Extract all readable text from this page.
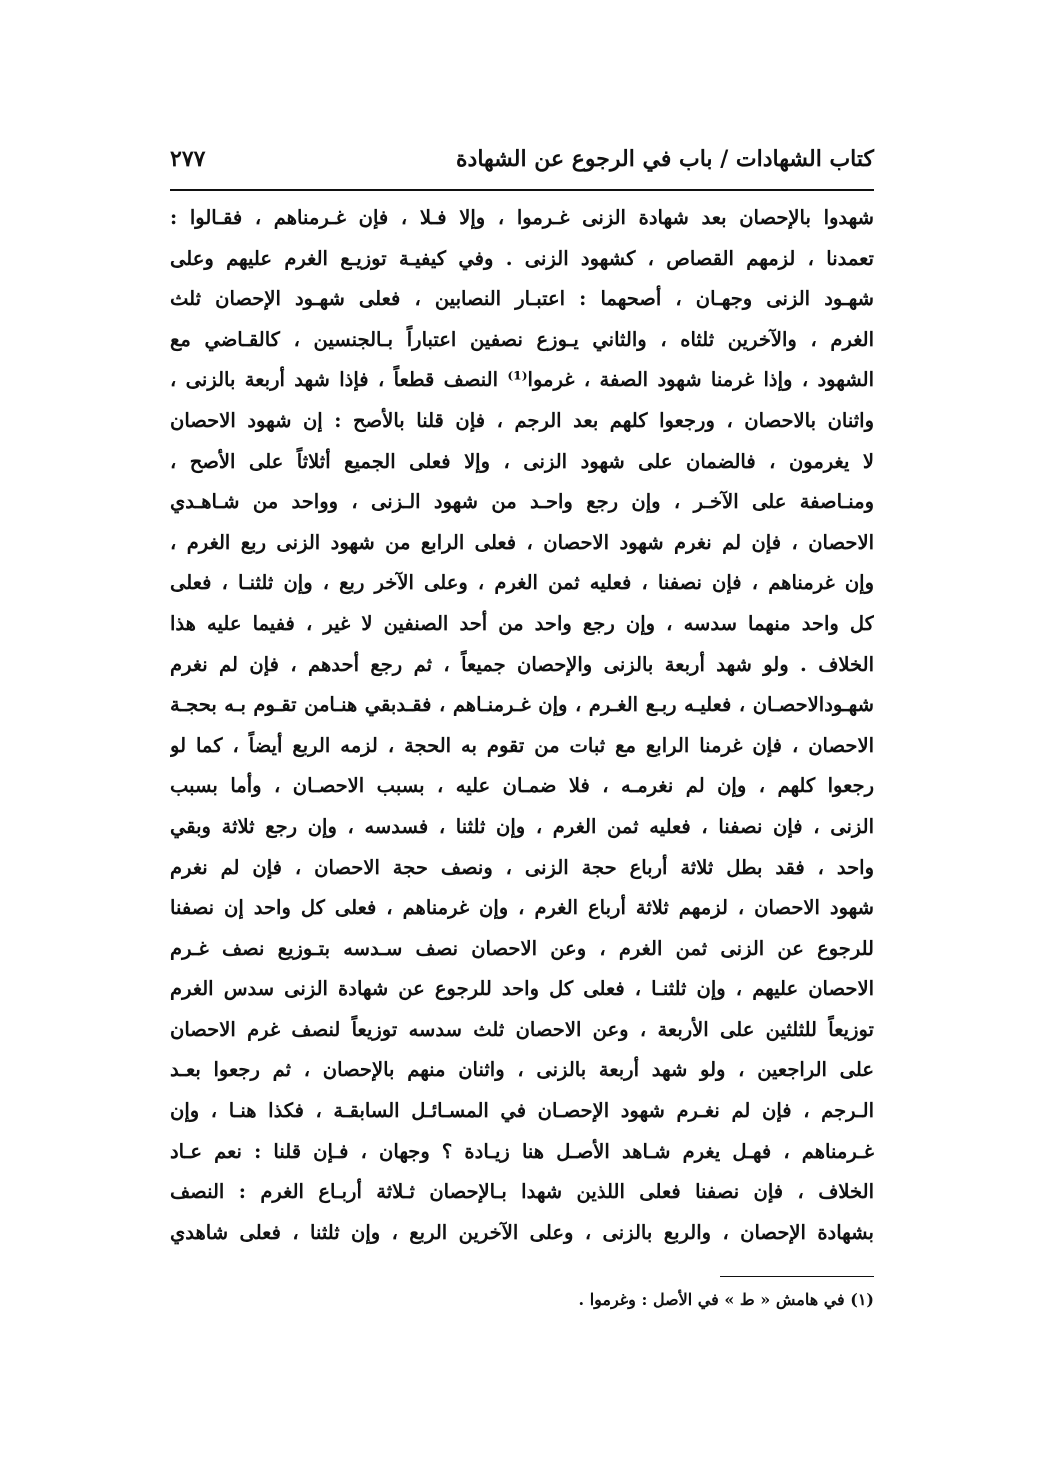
كتاب الشهادات / باب في الرجوع عن الشهادة
٢٧٧
شهدوا بالإحصان بعد شهادة الزنى غـرموا ، وإلا فـلا ، فإن غـرمناهم ، فقـالوا :
تعمدنا ، لزمهم القصاص ، كشهود الزنى . وفي كيفيـة توزيـع الغرم عليهم وعلى
شهـود الزنى وجهـان ، أصحهما : اعتبـار النصابين ، فعلى شهـود الإحصان ثلث
الغرم ، والآخرين ثلثاه ، والثاني يـوزع نصفين اعتباراً بـالجنسين ، كالقـاضي مع
الشهود ، وإذا غرمنا شهود الصفة ، غرموا⁽¹⁾ النصف قطعاً ، فإذا شهد أربعة بالزنى ،
واثنان بالاحصان ، ورجعوا كلهم بعد الرجم ، فإن قلنا بالأصح : إن شهود الاحصان
لا يغرمون ، فالضمان على شهود الزنى ، وإلا فعلى الجميع أثلاثاً على الأصح ،
ومنـاصفة على الآخـر ، وإن رجع واحـد من شهود الـزنى ، وواحد من شـاهـدي
الاحصان ، فإن لم نغرم شهود الاحصان ، فعلى الرابع من شهود الزنى ربع الغرم ،
وإن غرمناهم ، فإن نصفنا ، فعليه ثمن الغرم ، وعلى الآخر ربع ، وإن ثلثنـا ، فعلى
كل واحد منهما سدسه ، وإن رجع واحد من أحد الصنفين لا غير ، ففيما عليه هذا
الخلاف . ولو شهد أربعة بالزنى والإحصان جميعاً ، ثم رجع أحدهم ، فإن لم نغرم
شهـودالاحصـان ، فعليـه ربـع الغـرم ، وإن غـرمنـاهم ، فقـدبقي هنـامن تقـوم بـه بحجـة
الاحصان ، فإن غرمنا الرابع مع ثبات من تقوم به الحجة ، لزمه الربع أيضاً ، كما لو
رجعوا كلهم ، وإن لم نغرمـه ، فلا ضمـان عليه ، بسبب الاحصـان ، وأما بسبب
الزنى ، فإن نصفنا ، فعليه ثمن الغرم ، وإن ثلثنا ، فسدسه ، وإن رجع ثلاثة وبقي
واحد ، فقد بطل ثلاثة أرباع حجة الزنى ، ونصف حجة الاحصان ، فإن لم نغرم
شهود الاحصان ، لزمهم ثلاثة أرباع الغرم ، وإن غرمناهم ، فعلى كل واحد إن نصفنا
للرجوع عن الزنى ثمن الغرم ، وعن الاحصان نصف سـدسه بتـوزيع نصف غـرم
الاحصان عليهم ، وإن ثلثنـا ، فعلى كل واحد للرجوع عن شهادة الزنى سدس الغرم
توزيعاً للثلثين على الأربعة ، وعن الاحصان ثلث سدسه توزيعاً لنصف غرم الاحصان
على الراجعين ، ولو شهد أربعة بالزنى ، واثنان منهم بالإحصان ، ثم رجعوا بعـد
الـرجم ، فإن لم نغـرم شهود الإحصـان في المسـائـل السابقـة ، فكذا هنـا ، وإن
غـرمناهم ، فهـل يغرم شـاهد الأصـل هنا زيـادة ؟ وجهان ، فـإن قلنا : نعم عـاد
الخلاف ، فإن نصفنا فعلى اللذين شهدا بـالإحصان ثـلاثة أربـاع الغرم : النصف
بشهادة الإحصان ، والربع بالزنى ، وعلى الآخرين الربع ، وإن ثلثنا ، فعلى شاهدي
(١) في هامش « ط » في الأصل : وغرموا .
